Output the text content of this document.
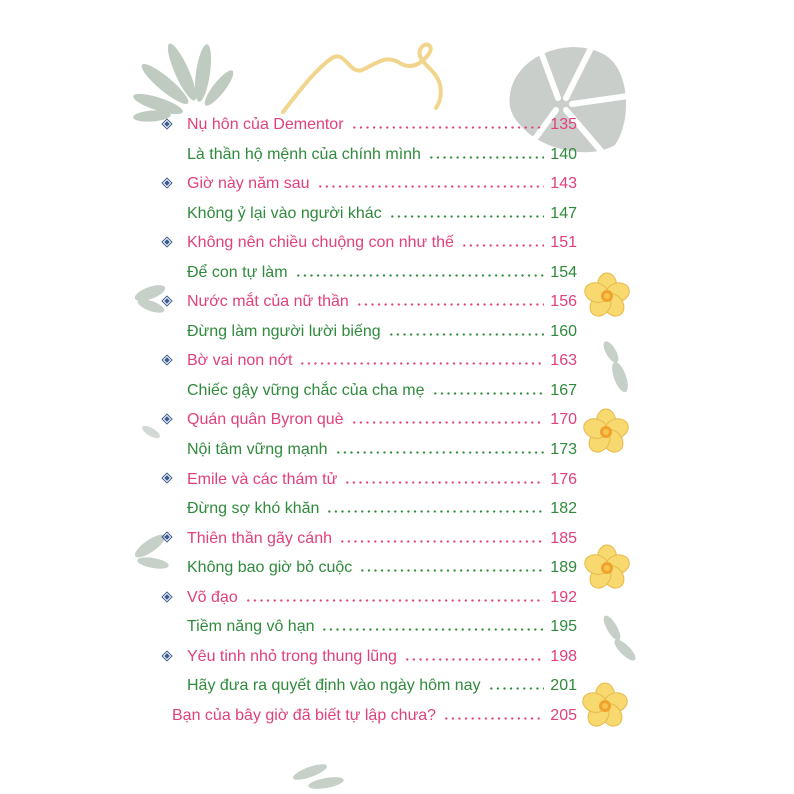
Nụ hôn của Dementor	135
Là thần hộ mệnh của chính mình	140
Giờ này năm sau	143
Không ỷ lại vào người khác	147
Không nên chiều chuộng con như thế	151
Để con tự làm	154
Nước mắt của nữ thần	156
Đừng làm người lười biếng	160
Bờ vai non nớt	163
Chiếc gậy vững chắc của cha mẹ	167
Quán quân Byron què	170
Nội tâm vững mạnh	173
Emile và các thám tử	176
Đừng sợ khó khăn	182
Thiên thần gãy cánh	185
Không bao giờ bỏ cuộc	189
Võ đạo	192
Tiềm năng vô hạn	195
Yêu tinh nhỏ trong thung lũng	198
Hãy đưa ra quyết định vào ngày hôm nay	201
Bạn của bây giờ đã biết tự lập chưa?	205
